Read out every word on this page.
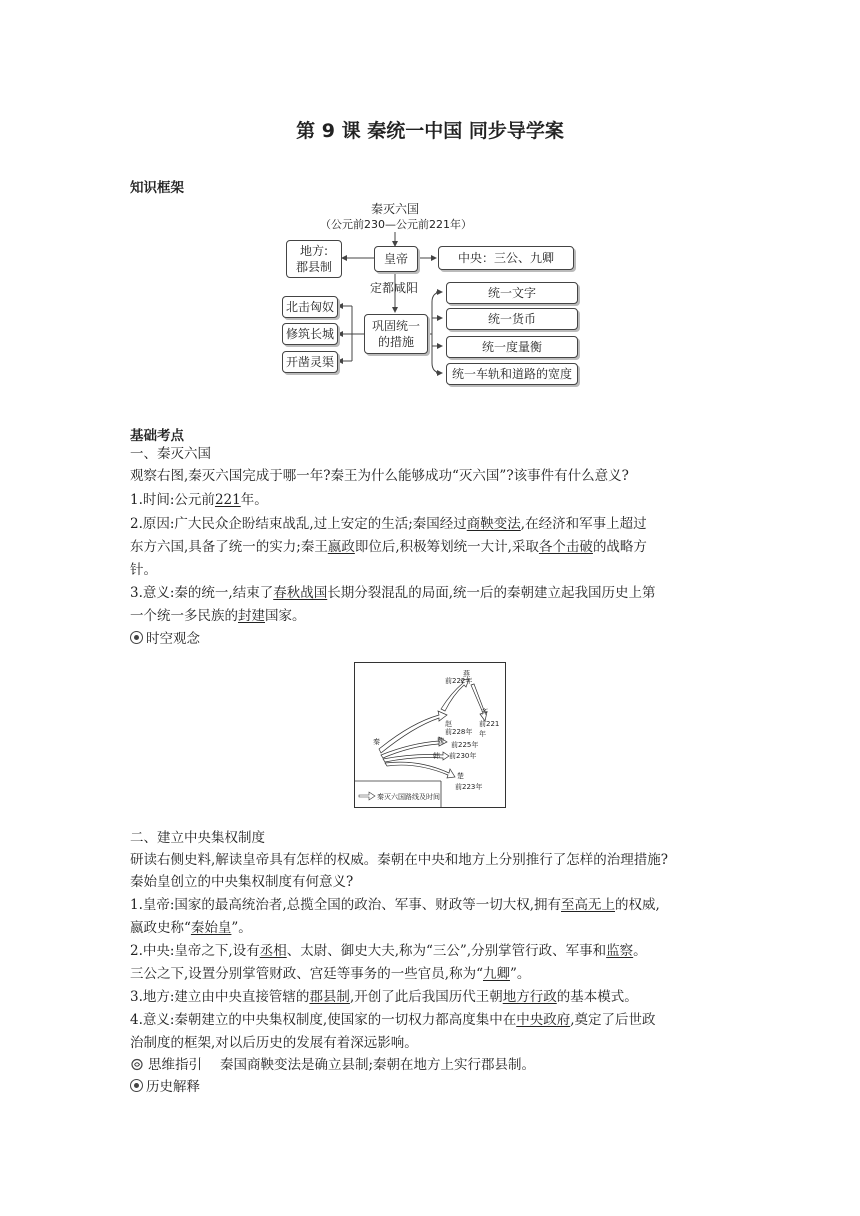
第 9 课 秦统一中国 同步导学案
知识框架
秦灭六国
（公元前230—公元前221年）
皇帝
地方:
郡县制
中央：三公、九卿
定都咸阳
巩固统一
的措施
北击匈奴
修筑长城
开凿灵渠
统一文字
统一货币
统一度量衡
统一车轨和道路的宽度
基础考点
一、秦灭六国
观察右图,秦灭六国完成于哪一年?秦王为什么能够成功“灭六国”?该事件有什么意义?
1.时间:公元前221年。
2.原因:广大民众企盼结束战乱,过上安定的生活;秦国经过商鞅变法,在经济和军事上超过
东方六国,具备了统一的实力;秦王嬴政即位后,积极筹划统一大计,采取各个击破的战略方
针。
3.意义:秦的统一,结束了春秋战国长期分裂混乱的局面,统一后的秦朝建立起我国历史上第
一个统一多民族的封建国家。
时空观念
燕
前222年
赵
前228年
魏 前225年
韩 前230年
楚
前223年
齐
前221年
秦
秦灭六国路线及时间
二、建立中央集权制度
研读右侧史料,解读皇帝具有怎样的权威。秦朝在中央和地方上分别推行了怎样的治理措施?
秦始皇创立的中央集权制度有何意义?
1.皇帝:国家的最高统治者,总揽全国的政治、军事、财政等一切大权,拥有至高无上的权威,
嬴政史称“秦始皇”。
2.中央:皇帝之下,设有丞相、太尉、御史大夫,称为“三公”,分别掌管行政、军事和监察。
三公之下,设置分别掌管财政、宫廷等事务的一些官员,称为“九卿”。
3.地方:建立由中央直接管辖的郡县制,开创了此后我国历代王朝地方行政的基本模式。
4.意义:秦朝建立的中央集权制度,使国家的一切权力都高度集中在中央政府,奠定了后世政
治制度的框架,对以后历史的发展有着深远影响。
思维指引 秦国商鞅变法是确立县制;秦朝在地方上实行郡县制。
历史解释
